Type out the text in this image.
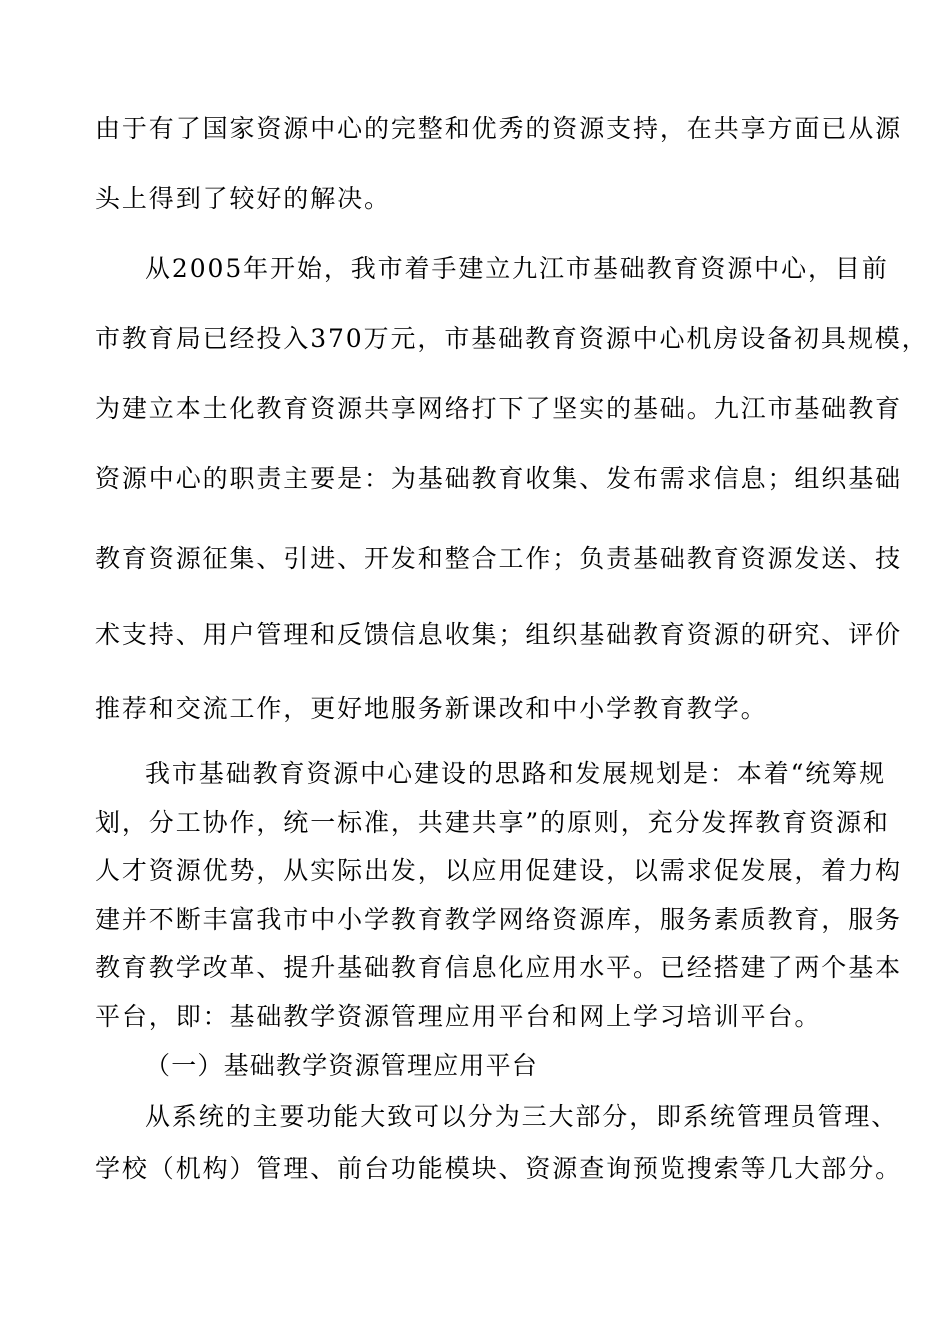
由于有了国家资源中心的完整和优秀的资源支持，在共享方面已从源
头上得到了较好的解决。
从2005年开始，我市着手建立九江市基础教育资源中心，目前
市教育局已经投入370万元，市基础教育资源中心机房设备初具规模，
为建立本土化教育资源共享网络打下了坚实的基础。九江市基础教育
资源中心的职责主要是：为基础教育收集、发布需求信息；组织基础
教育资源征集、引进、开发和整合工作；负责基础教育资源发送、技
术支持、用户管理和反馈信息收集；组织基础教育资源的研究、评价
推荐和交流工作，更好地服务新课改和中小学教育教学。
我市基础教育资源中心建设的思路和发展规划是：本着“统筹规
划，分工协作，统一标准，共建共享”的原则，充分发挥教育资源和
人才资源优势，从实际出发，以应用促建设，以需求促发展，着力构
建并不断丰富我市中小学教育教学网络资源库，服务素质教育，服务
教育教学改革、提升基础教育信息化应用水平。已经搭建了两个基本
平台，即：基础教学资源管理应用平台和网上学习培训平台。
（一）基础教学资源管理应用平台
从系统的主要功能大致可以分为三大部分，即系统管理员管理、
学校（机构）管理、前台功能模块、资源查询预览搜索等几大部分。
